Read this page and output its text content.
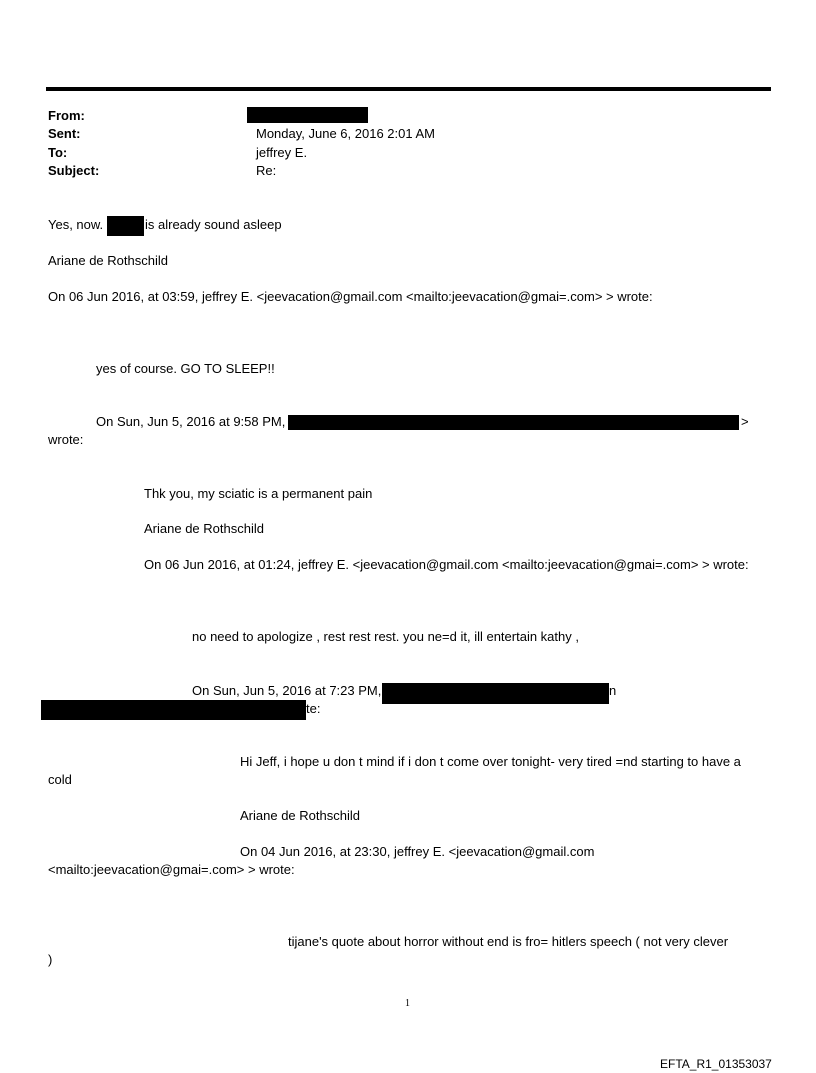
From:
Sent:	Monday, June 6, 2016 2:01 AM
To:	jeffrey E.
Subject:	Re:
Yes, now.	is already sound asleep
Ariane de Rothschild
On 06 Jun 2016, at 03:59, jeffrey E. <jeevacation@gmail.com <mailto:jeevacation@gmai=.com> > wrote:
yes of course. GO TO SLEEP!!
On Sun, Jun 5, 2016 at 9:58 PM,	>
wrote:
Thk you, my sciatic is a permanent pain
Ariane de Rothschild
On 06 Jun 2016, at 01:24, jeffrey E. <jeevacation@gmail.com <mailto:jeevacation@gmai=.com> > wrote:
no need to apologize , rest rest rest. you ne=d it, ill entertain kathy ,
On Sun, Jun 5, 2016 at 7:23 PM,	n
te:
Hi Jeff, i hope u don t mind if i don t come over tonight- very tired =nd starting to have a
cold
Ariane de Rothschild
On 04 Jun 2016, at 23:30, jeffrey E. <jeevacation@gmail.com
<mailto:jeevacation@gmai=.com> > wrote:
tijane's quote about horror without end is fro= hitlers speech ( not very clever
)
1
EFTA_R1_01353037
